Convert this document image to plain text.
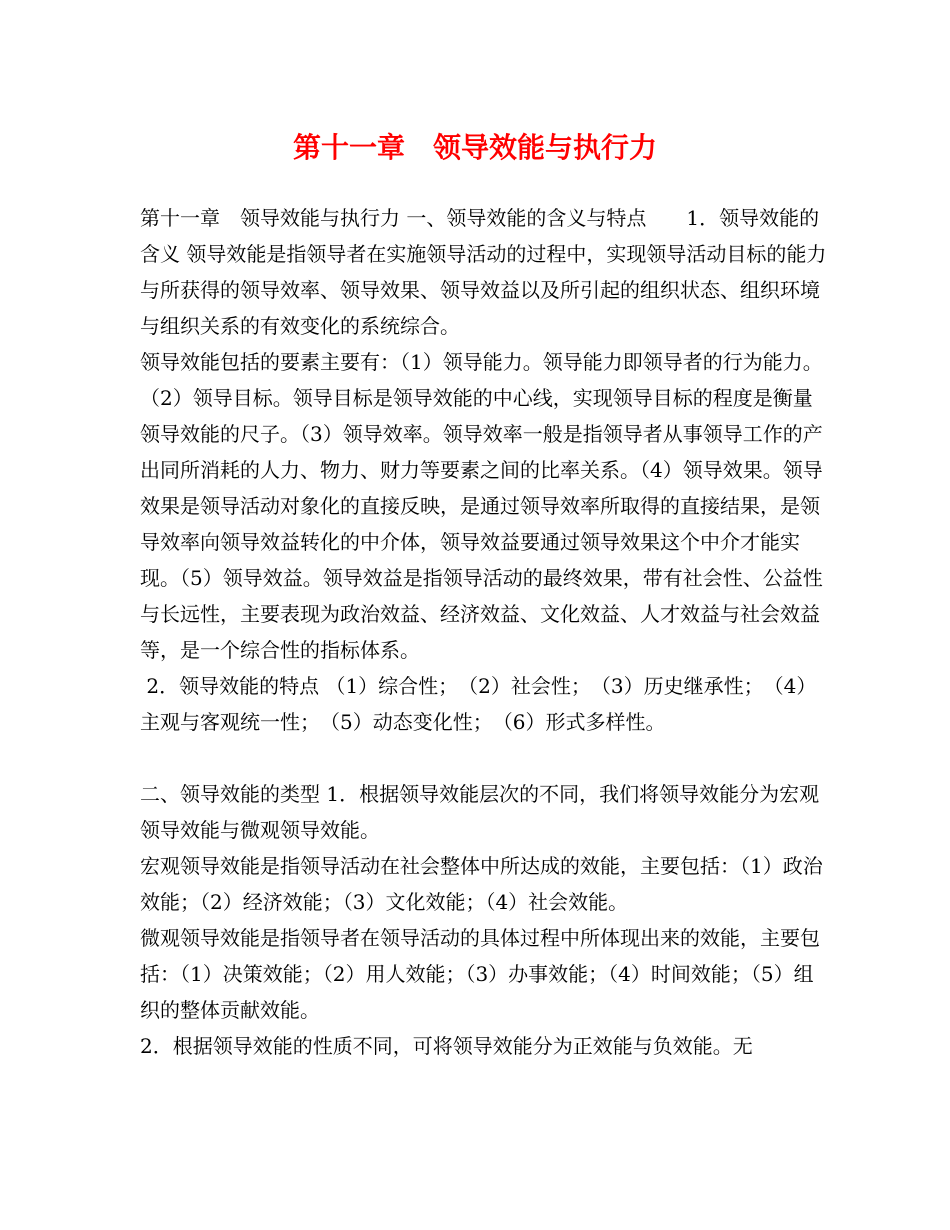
第十一章　领导效能与执行力

第十一章　领导效能与执行力 一、领导效能的含义与特点　　1．领导效能的含义 领导效能是指领导者在实施领导活动的过程中，实现领导活动目标的能力与所获得的领导效率、领导效果、领导效益以及所引起的组织状态、组织环境与组织关系的有效变化的系统综合。

领导效能包括的要素主要有：（1）领导能力。领导能力即领导者的行为能力。（2）领导目标。领导目标是领导效能的中心线，实现领导目标的程度是衡量领导效能的尺子。（3）领导效率。领导效率一般是指领导者从事领导工作的产出同所消耗的人力、物力、财力等要素之间的比率关系。（4）领导效果。领导效果是领导活动对象化的直接反映，是通过领导效率所取得的直接结果，是领导效率向领导效益转化的中介体，领导效益要通过领导效果这个中介才能实现。（5）领导效益。领导效益是指领导活动的最终效果，带有社会性、公益性与长远性，主要表现为政治效益、经济效益、文化效益、人才效益与社会效益等，是一个综合性的指标体系。

2．领导效能的特点 （1）综合性；　（2）社会性；　（3）历史继承性；　（4）主观与客观统一性；　（5）动态变化性；　（6）形式多样性。

二、领导效能的类型 1．根据领导效能层次的不同，我们将领导效能分为宏观领导效能与微观领导效能。

宏观领导效能是指领导活动在社会整体中所达成的效能，主要包括：（1）政治效能；（2）经济效能；（3）文化效能；（4）社会效能。

微观领导效能是指领导者在领导活动的具体过程中所体现出来的效能，主要包括：（1）决策效能；（2）用人效能；（3）办事效能；（4）时间效能；（5）组织的整体贡献效能。

2．根据领导效能的性质不同，可将领导效能分为正效能与负效能。无
